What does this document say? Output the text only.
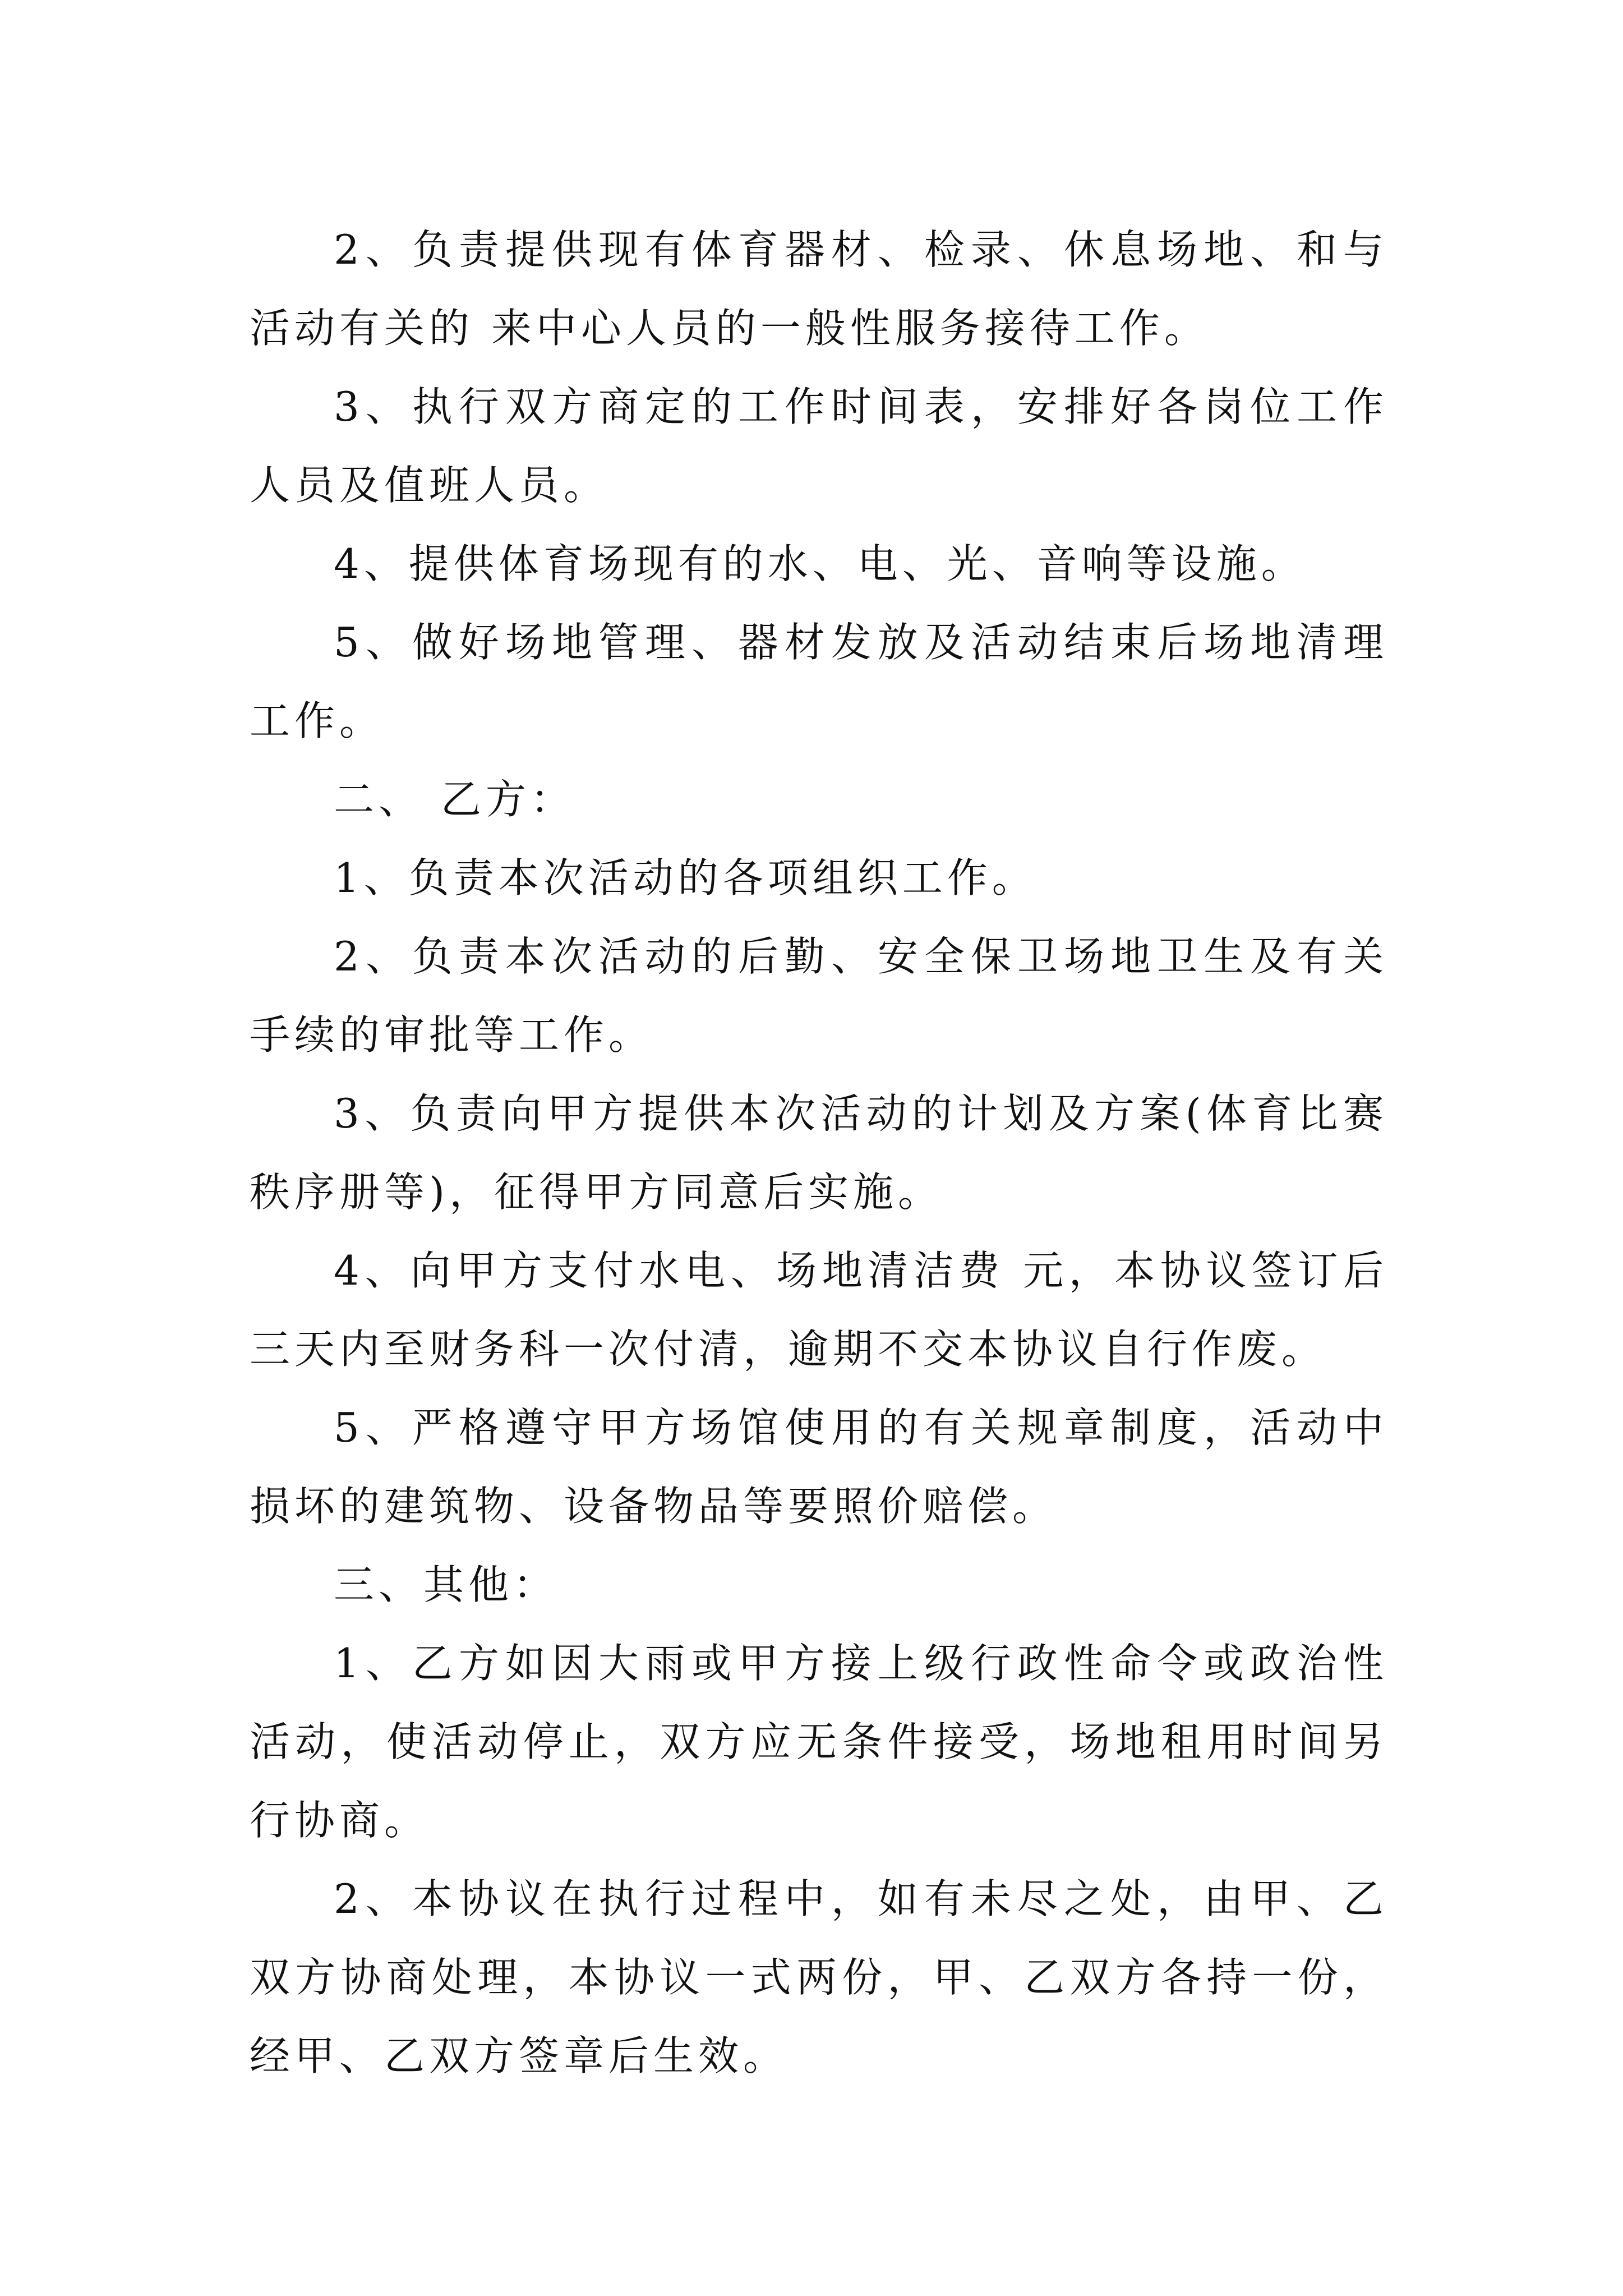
2、负责提供现有体育器材、检录、休息场地、和与活动有关的 来中心人员的一般性服务接待工作。

3、执行双方商定的工作时间表，安排好各岗位工作人员及值班人员。

4、提供体育场现有的水、电、光、音响等设施。

5、做好场地管理、器材发放及活动结束后场地清理工作。

二、 乙方：

1、负责本次活动的各项组织工作。

2、负责本次活动的后勤、安全保卫场地卫生及有关手续的审批等工作。

3、负责向甲方提供本次活动的计划及方案(体育比赛秩序册等)，征得甲方同意后实施。

4、向甲方支付水电、场地清洁费 元，本协议签订后三天内至财务科一次付清，逾期不交本协议自行作废。

5、严格遵守甲方场馆使用的有关规章制度，活动中损坏的建筑物、设备物品等要照价赔偿。

三、其他：

1、乙方如因大雨或甲方接上级行政性命令或政治性活动，使活动停止，双方应无条件接受，场地租用时间另行协商。

2、本协议在执行过程中，如有未尽之处，由甲、乙双方协商处理，本协议一式两份，甲、乙双方各持一份，经甲、乙双方签章后生效。
